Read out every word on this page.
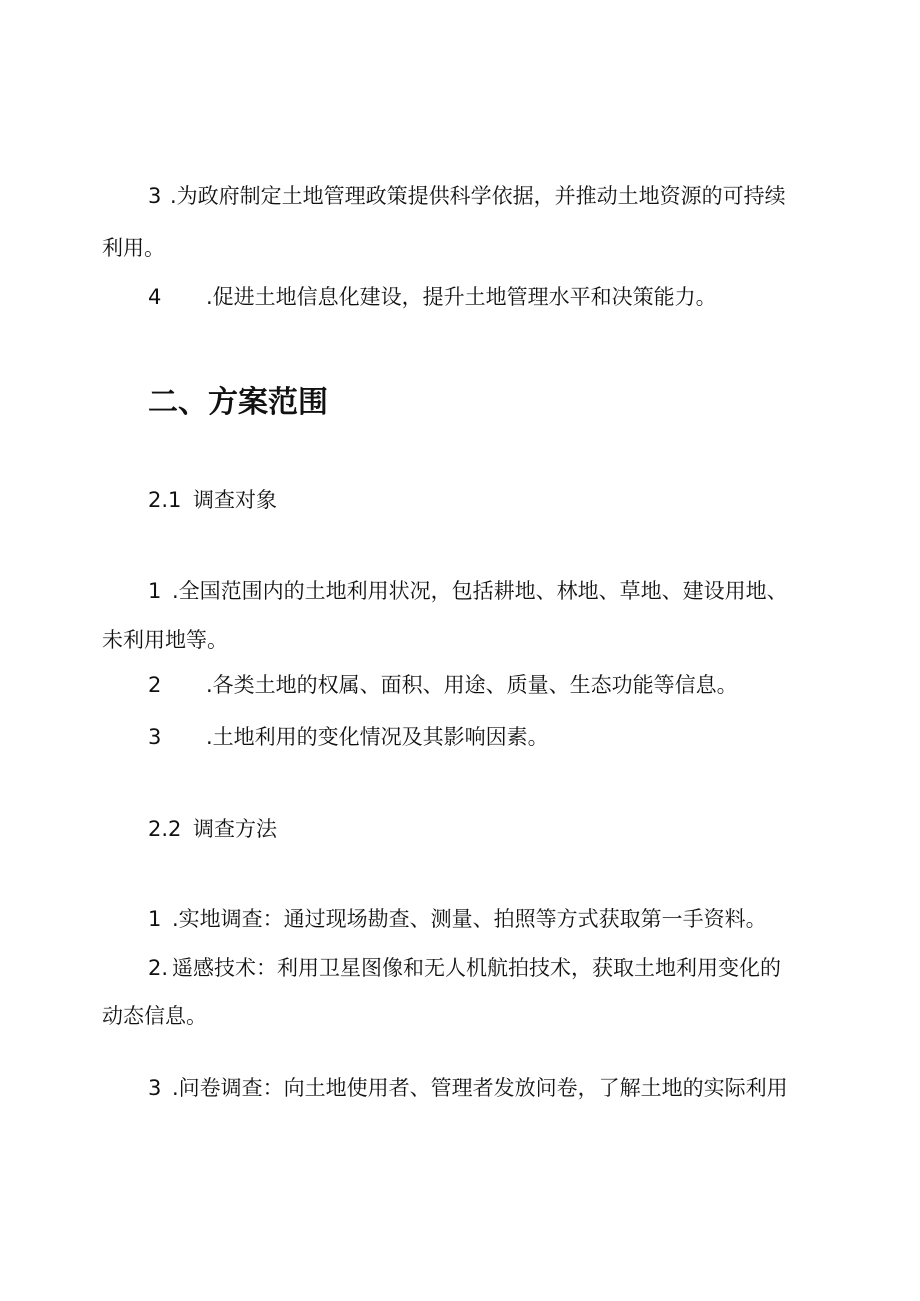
3 .为政府制定土地管理政策提供科学依据，并推动土地资源的可持续
利用。
4 .促进土地信息化建设，提升土地管理水平和决策能力。
二、方案范围
2.1 调查对象
1 .全国范围内的土地利用状况，包括耕地、林地、草地、建设用地、
未利用地等。
2 .各类土地的权属、面积、用途、质量、生态功能等信息。
3 .土地利用的变化情况及其影响因素。
2.2 调查方法
1 .实地调查：通过现场勘查、测量、拍照等方式获取第一手资料。
2. 遥感技术：利用卫星图像和无人机航拍技术，获取土地利用变化的
动态信息。
3 .问卷调查：向土地使用者、管理者发放问卷，了解土地的实际利用
